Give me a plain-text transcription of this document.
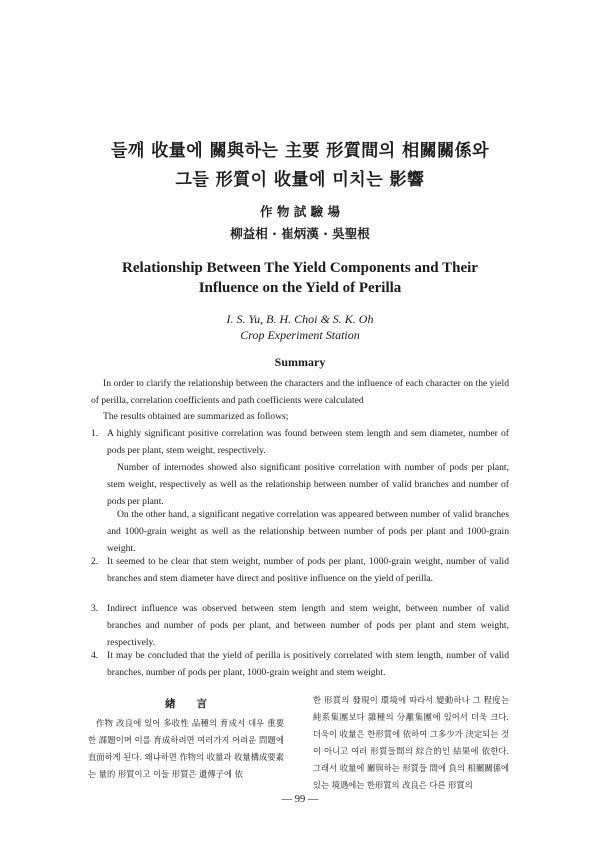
들깨 收量에 關與하는 主要 形質間의 相關關係와
그들 形質이 收量에 미치는 影響
作 物 試 驗 場
柳益相 · 崔炳漢 · 吳聖根
Relationship Between The Yield Components and Their
Influence on the Yield of Perilla
I. S. Yu, B. H. Choi & S. K. Oh
Crop Experiment Station
Summary

In order to clarify the relationship between the characters and the influence of each character on the yield of perilla, correlation coefficients and path coefficients were calculated

The results obtained are summarized as follows;

1. A highly significant positive correlation was found between stem length and sem diameter, number of pods per plant, stem weight, respectively.

Number of internodes showed also significant positive correlation with number of pods per plant, stem weight, respectively as well as the relationship between number of valid branches and number of pods per plant.

On the other hand, a significant negative correlation was appeared between number of valid branches and 1000-grain weight as well as the relationship between number of pods per plant and 1000-grain weight.

2. It seemed to be clear that stem weight, number of pods per plant, 1000-grain weight, number of valid branches and stem diameter have direct and positive influence on the yield of perilla.

3. Indirect influence was observed between stem length and stem weight, between number of valid branches and number of pods per plant, and between number of pods per plant and stem weight, respectively.

4. It may be concluded that the yield of perilla is positively correlated with stem length, number of valid branches, number of pods per plant, 1000-grain weight and stem weight.

緖　　言

作物 改良에 있어 多收性 品種의 育成서 대우 重要한 課題이며 이를 育成하려면 여러가지 어려운 問題에 直面하게 된다. 왜냐하면 作物의 收量과 收量構成要素는 量的 形質이고 이들 形質은 遺傳子에 依

한 形質의 發現이 環境에 따라서 變動하나 그 程度는 純系集團보다 雜種의 分離集團에 있어서 더욱 크다. 더욱이 收量은 한形質에 依하여 그多少가 決定되는 것이 아니고 여러 形質들間의 綜合的인 結果에 依한다. 그래서 收量에 關與하는 形質들 間에 負의 相關關係에 있는 境遇에는 한形質의 改良은 다른 形質의

— 99 —
